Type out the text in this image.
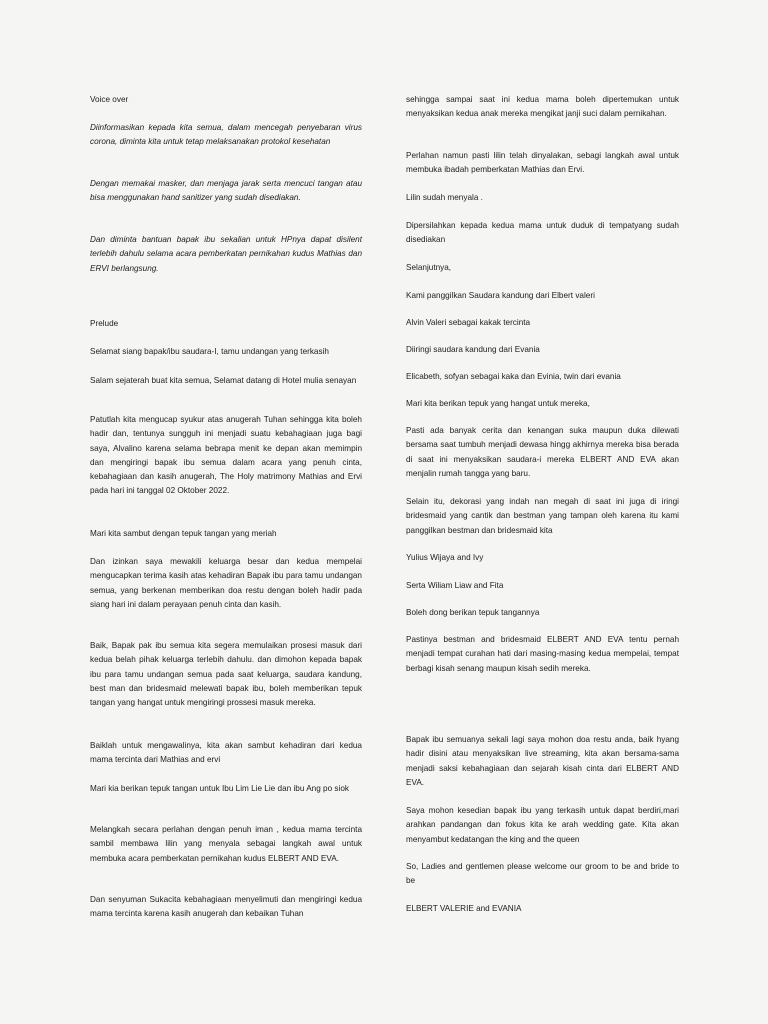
Voice over

Diinformasikan kepada kita semua, dalam mencegah penyebaran virus corona, diminta kita untuk tetap melaksanakan protokol kesehatan

Dengan memakai masker, dan menjaga jarak serta mencuci tangan atau bisa menggunakan hand sanitizer yang sudah disediakan.

Dan diminta bantuan bapak ibu sekalian untuk HPnya dapat disilent terlebih dahulu selama acara pemberkatan pernikahan kudus Mathias dan ERVI berlangsung.

Prelude

Selamat siang bapak/ibu saudara-I, tamu undangan yang terkasih

Salam sejaterah buat kita semua, Selamat datang di Hotel mulia senayan

Patutlah kita mengucap syukur atas anugerah Tuhan sehingga kita boleh hadir dan, tentunya sungguh ini menjadi suatu kebahagiaan juga bagi saya, Alvalino karena selama bebrapa menit ke depan akan memimpin dan mengiringi bapak ibu semua dalam acara yang penuh cinta, kebahagiaan dan kasih anugerah, The Holy matrimony Mathias and Ervi pada hari ini tanggal 02 Oktober 2022.

Mari kita sambut dengan tepuk tangan yang meriah

Dan izinkan saya mewakili keluarga besar dan kedua mempelai mengucapkan terima kasih atas kehadiran Bapak ibu para tamu undangan semua, yang berkenan memberikan doa restu dengan boleh hadir pada siang hari ini dalam perayaan penuh cinta dan kasih.

Baik, Bapak pak ibu semua kita segera memulaikan prosesi masuk dari kedua belah pihak keluarga terlebih dahulu. dan dimohon kepada bapak ibu para tamu undangan semua pada saat keluarga, saudara kandung, best man dan bridesmaid melewati bapak ibu, boleh memberikan tepuk tangan yang hangat untuk mengiringi prossesi masuk mereka.

Baiklah untuk mengawalinya, kita akan sambut kehadiran dari kedua mama tercinta dari Mathias and ervi

Mari kia berikan tepuk tangan untuk Ibu Lim Lie Lie dan ibu Ang po siok

Melangkah secara perlahan dengan penuh iman , kedua mama tercinta sambil membawa lilin yang menyala sebagai langkah awal untuk membuka acara pemberkatan pernikahan kudus ELBERT AND EVA.

Dan senyuman Sukacita kebahagiaan menyelimuti dan mengiringi kedua mama tercinta karena kasih anugerah dan kebaikan Tuhan

sehingga sampai saat ini kedua mama boleh dipertemukan untuk menyaksikan kedua anak mereka mengikat janji suci dalam pernikahan.

Perlahan namun pasti lilin telah dinyalakan, sebagi langkah awal untuk membuka ibadah pemberkatan Mathias dan Ervi.

Lilin sudah menyala .

Dipersilahkan kepada kedua mama untuk duduk di tempatyang sudah disediakan

Selanjutnya,

Kami panggilkan Saudara kandung dari Elbert valeri

Alvin Valeri sebagai kakak tercinta

Diiringi saudara kandung dari Evania

Elicabeth, sofyan sebagai kaka dan Evinia, twin dari evania

Mari kita berikan tepuk yang hangat untuk mereka,

Pasti ada banyak cerita dan kenangan suka maupun duka dilewati bersama saat tumbuh menjadi dewasa hingg akhirnya mereka bisa berada di saat ini menyaksikan saudara-i mereka ELBERT AND EVA akan menjalin rumah tangga yang baru.

Selain itu, dekorasi yang indah nan megah di saat ini juga di iringi bridesmaid yang cantik dan bestman yang tampan oleh karena itu kami panggilkan bestman dan bridesmaid kita

Yulius Wijaya and Ivy

Serta Wiliam Liaw and Fita

Boleh dong berikan tepuk tangannya

Pastinya bestman and bridesmaid ELBERT AND EVA tentu pernah menjadi tempat curahan hati dari masing-masing kedua mempelai, tempat berbagi kisah senang maupun kisah sedih mereka.

Bapak ibu semuanya sekali lagi saya mohon doa restu anda, baik hyang hadir disini atau menyaksikan live streaming, kita akan bersama-sama menjadi saksi kebahagiaan dan sejarah kisah cinta dari ELBERT AND EVA.

Saya mohon kesedian bapak ibu yang terkasih untuk dapat berdiri,mari arahkan pandangan dan fokus kita ke arah wedding gate. Kita akan menyambut kedatangan the king and the queen

So, Ladies and gentlemen please welcome our groom to be and bride to be

ELBERT VALERIE and EVANIA
